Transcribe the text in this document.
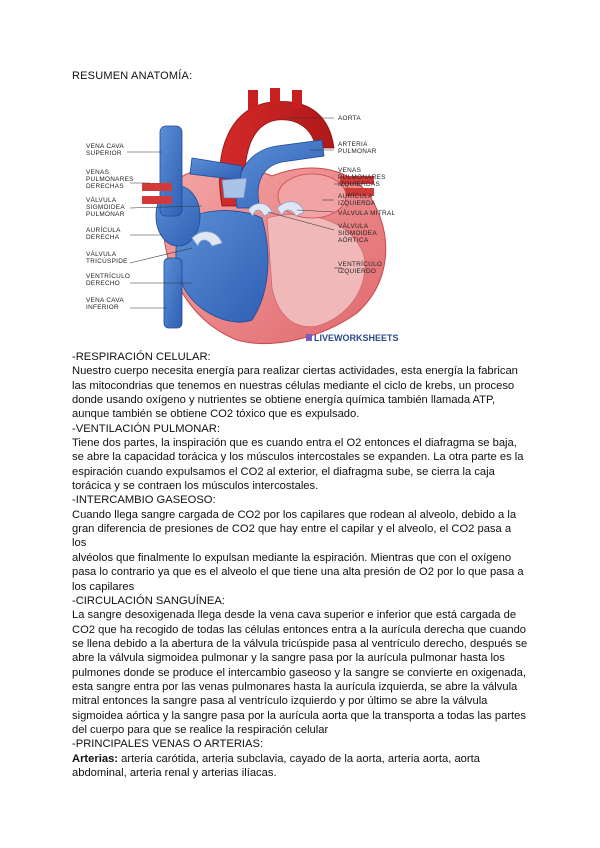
RESUMEN ANATOMÍA:
VENA CAVA SUPERIOR
VENAS PULMONARES DERECHAS
VÁLVULA SIGMOIDEA PULMONAR
AURÍCULA DERECHA
VÁLVULA TRICÚSPIDE
VENTRÍCULO DERECHO
VENA CAVA INFERIOR
AORTA
ARTERIA PULMONAR
VENAS PULMONARES IZQUIERDAS
AURÍCULA IZQUIERDA
VÁLVULA MITRAL
VÁLVULA SIGMOIDEA AÓRTICA
VENTRÍCULO IZQUIERDO
LIVEWORKSHEETS

-RESPIRACIÓN CELULAR:

Nuestro cuerpo necesita energía para realizar ciertas actividades, esta energía la fabrican

las mitocondrias que tenemos en nuestras células mediante el ciclo de krebs, un proceso

donde usando oxígeno y nutrientes se obtiene energía química también llamada ATP,

aunque también se obtiene CO2 tóxico que es expulsado.

-VENTILACIÓN PULMONAR:

Tiene dos partes, la inspiración que es cuando entra el O2 entonces el diafragma se baja,

se abre la capacidad torácica y los músculos intercostales se expanden. La otra parte es la

espiración cuando expulsamos el CO2 al exterior, el diafragma sube, se cierra la caja

torácica y se contraen los músculos intercostales.

-INTERCAMBIO GASEOSO:

Cuando llega sangre cargada de CO2 por los capilares que rodean al alveolo, debido a la

gran diferencia de presiones de CO2 que hay entre el capilar y el alveolo, el CO2 pasa a los

alvéolos que finalmente lo expulsan mediante la espiración. Mientras que con el oxígeno

pasa lo contrario ya que es el alveolo el que tiene una alta presión de O2 por lo que pasa a

los capilares

-CIRCULACIÓN SANGUÍNEA:

La sangre desoxigenada llega desde la vena cava superior e inferior que está cargada de

CO2 que ha recogido de todas las células entonces entra a la aurícula derecha que cuando

se llena debido a la abertura de la válvula tricúspide pasa al ventrículo derecho, después se

abre la válvula sigmoidea pulmonar y la sangre pasa por la aurícula pulmonar hasta los

pulmones donde se produce el intercambio gaseoso y la sangre se convierte en oxigenada,

esta sangre entra por las venas pulmonares hasta la aurícula izquierda, se abre la válvula

mitral entonces la sangre pasa al ventrículo izquierdo y por último se abre la válvula

sigmoidea aórtica y la sangre pasa por la aurícula aorta que la transporta a todas las partes

del cuerpo para que se realice la respiración celular

-PRINCIPALES VENAS O ARTERIAS:

Arterias: arteria carótida, arteria subclavia, cayado de la aorta, arteria aorta, aorta

abdominal, arteria renal y arterias ilíacas.
